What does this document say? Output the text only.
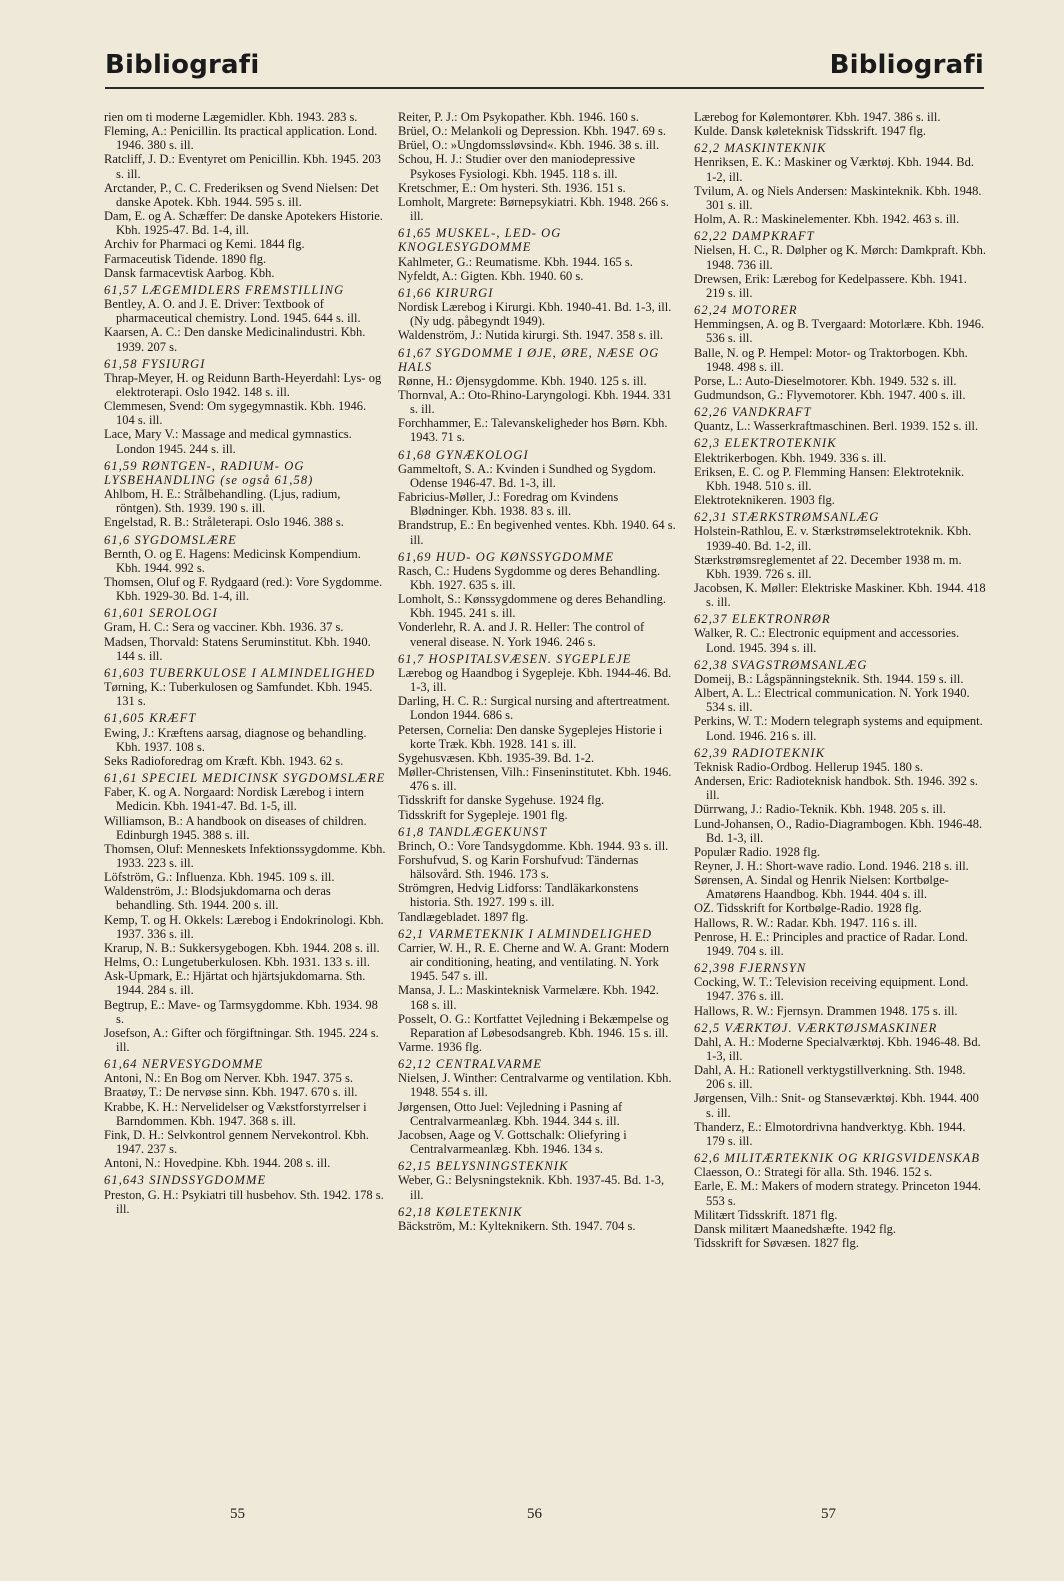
Bibliografi	Bibliografi

rien om ti moderne Lægemidler. Kbh. 1943. 283 s.

Fleming, A.: Penicillin. Its practical application. Lond. 1946. 380 s. ill.

Ratcliff, J. D.: Eventyret om Penicillin. Kbh. 1945. 203 s. ill.

Arctander, P., C. C. Frederiksen og Svend Nielsen: Det danske Apotek. Kbh. 1944. 595 s. ill.

Dam, E. og A. Schæffer: De danske Apotekers Historie. Kbh. 1925-47. Bd. 1-4, ill.

Archiv for Pharmaci og Kemi. 1844 flg.

Farmaceutisk Tidende. 1890 flg.

Dansk farmacevtisk Aarbog. Kbh.

61,57 LÆGEMIDLERS FREMSTILLING

Bentley, A. O. and J. E. Driver: Textbook of pharmaceutical chemistry. Lond. 1945. 644 s. ill.

Kaarsen, A. C.: Den danske Medicinalindustri. Kbh. 1939. 207 s.

61,58 FYSIURGI

Thrap-Meyer, H. og Reidunn Barth-Heyerdahl: Lys- og elektroterapi. Oslo 1942. 148 s. ill.

Clemmesen, Svend: Om sygegymnastik. Kbh. 1946. 104 s. ill.

Lace, Mary V.: Massage and medical gymnastics. London 1945. 244 s. ill.

61,59 RØNTGEN-, RADIUM- OG LYSBEHANDLING (se også 61,58)

Ahlbom, H. E.: Strålbehandling. (Ljus, radium, röntgen). Sth. 1939. 190 s. ill.

Engelstad, R. B.: Stråleterapi. Oslo 1946. 388 s.

61,6 SYGDOMSLÆRE

Bernth, O. og E. Hagens: Medicinsk Kompendium. Kbh. 1944. 992 s.

Thomsen, Oluf og F. Rydgaard (red.): Vore Sygdomme. Kbh. 1929-30. Bd. 1-4, ill.

61,601 SEROLOGI

Gram, H. C.: Sera og vacciner. Kbh. 1936. 37 s.

Madsen, Thorvald: Statens Seruminstitut. Kbh. 1940. 144 s. ill.

61,603 TUBERKULOSE I ALMINDELIGHED

Tørning, K.: Tuberkulosen og Samfundet. Kbh. 1945. 131 s.

61,605 KRÆFT

Ewing, J.: Kræftens aarsag, diagnose og behandling. Kbh. 1937. 108 s.

Seks Radioforedrag om Kræft. Kbh. 1943. 62 s.

61,61 SPECIEL MEDICINSK SYGDOMSLÆRE

Faber, K. og A. Norgaard: Nordisk Lærebog i intern Medicin. Kbh. 1941-47. Bd. 1-5, ill.

Williamson, B.: A handbook on diseases of children. Edinburgh 1945. 388 s. ill.

Thomsen, Oluf: Menneskets Infektionssygdomme. Kbh. 1933. 223 s. ill.

Löfström, G.: Influenza. Kbh. 1945. 109 s. ill.

Waldenström, J.: Blodsjukdomarna och deras behandling. Sth. 1944. 200 s. ill.

Kemp, T. og H. Okkels: Lærebog i Endokrinologi. Kbh. 1937. 336 s. ill.

Krarup, N. B.: Sukkersygebogen. Kbh. 1944. 208 s. ill.

Helms, O.: Lungetuberkulosen. Kbh. 1931. 133 s. ill.

Ask-Upmark, E.: Hjärtat och hjärtsjukdomarna. Sth. 1944. 284 s. ill.

Begtrup, E.: Mave- og Tarmsygdomme. Kbh. 1934. 98 s.

Josefson, A.: Gifter och förgiftningar. Sth. 1945. 224 s. ill.

61,64 NERVESYGDOMME

Antoni, N.: En Bog om Nerver. Kbh. 1947. 375 s.

Braatøy, T.: De nervøse sinn. Kbh. 1947. 670 s. ill.

Krabbe, K. H.: Nervelidelser og Vækstforstyrrelser i Barndommen. Kbh. 1947. 368 s. ill.

Fink, D. H.: Selvkontrol gennem Nervekontrol. Kbh. 1947. 237 s.

Antoni, N.: Hovedpine. Kbh. 1944. 208 s. ill.

61,643 SINDSSYGDOMME

Preston, G. H.: Psykiatri till husbehov. Sth. 1942. 178 s. ill.

Reiter, P. J.: Om Psykopather. Kbh. 1946. 160 s.

Brüel, O.: Melankoli og Depression. Kbh. 1947. 69 s.

Brüel, O.: »Ungdomssløvsind«. Kbh. 1946. 38 s. ill.

Schou, H. J.: Studier over den maniodepressive Psykoses Fysiologi. Kbh. 1945. 118 s. ill.

Kretschmer, E.: Om hysteri. Sth. 1936. 151 s.

Lomholt, Margrete: Børnepsykiatri. Kbh. 1948. 266 s. ill.

61,65 MUSKEL-, LED- OG KNOGLESYGDOMME

Kahlmeter, G.: Reumatisme. Kbh. 1944. 165 s.

Nyfeldt, A.: Gigten. Kbh. 1940. 60 s.

61,66 KIRURGI

Nordisk Lærebog i Kirurgi. Kbh. 1940-41. Bd. 1-3, ill. (Ny udg. påbegyndt 1949).

Waldenström, J.: Nutida kirurgi. Sth. 1947. 358 s. ill.

61,67 SYGDOMME I ØJE, ØRE, NÆSE OG HALS

Rønne, H.: Øjensygdomme. Kbh. 1940. 125 s. ill.

Thornval, A.: Oto-Rhino-Laryngologi. Kbh. 1944. 331 s. ill.

Forchhammer, E.: Talevanskeligheder hos Børn. Kbh. 1943. 71 s.

61,68 GYNÆKOLOGI

Gammeltoft, S. A.: Kvinden i Sundhed og Sygdom. Odense 1946-47. Bd. 1-3, ill.

Fabricius-Møller, J.: Foredrag om Kvindens Blødninger. Kbh. 1938. 83 s. ill.

Brandstrup, E.: En begivenhed ventes. Kbh. 1940. 64 s. ill.

61,69 HUD- OG KØNSSYGDOMME

Rasch, C.: Hudens Sygdomme og deres Behandling. Kbh. 1927. 635 s. ill.

Lomholt, S.: Kønssygdommene og deres Behandling. Kbh. 1945. 241 s. ill.

Vonderlehr, R. A. and J. R. Heller: The control of veneral disease. N. York 1946. 246 s.

61,7 HOSPITALSVÆSEN. SYGEPLEJE

Lærebog og Haandbog i Sygepleje. Kbh. 1944-46. Bd. 1-3, ill.

Darling, H. C. R.: Surgical nursing and aftertreatment. London 1944. 686 s.

Petersen, Cornelia: Den danske Sygeplejes Historie i korte Træk. Kbh. 1928. 141 s. ill.

Sygehusvæsen. Kbh. 1935-39. Bd. 1-2.

Møller-Christensen, Vilh.: Finseninstitutet. Kbh. 1946. 476 s. ill.

Tidsskrift for danske Sygehuse. 1924 flg.

Tidsskrift for Sygepleje. 1901 flg.

61,8 TANDLÆGEKUNST

Brinch, O.: Vore Tandsygdomme. Kbh. 1944. 93 s. ill.

Forshufvud, S. og Karin Forshufvud: Tändernas hälsovård. Sth. 1946. 173 s.

Strömgren, Hedvig Lidforss: Tandläkarkonstens historia. Sth. 1927. 199 s. ill.

Tandlægebladet. 1897 flg.

62,1 VARMETEKNIK I ALMINDELIGHED

Carrier, W. H., R. E. Cherne and W. A. Grant: Modern air conditioning, heating, and ventilating. N. York 1945. 547 s. ill.

Mansa, J. L.: Maskinteknisk Varmelære. Kbh. 1942. 168 s. ill.

Posselt, O. G.: Kortfattet Vejledning i Bekæmpelse og Reparation af Løbesodsangreb. Kbh. 1946. 15 s. ill.

Varme. 1936 flg.

62,12 CENTRALVARME

Nielsen, J. Winther: Centralvarme og ventilation. Kbh. 1948. 554 s. ill.

Jørgensen, Otto Juel: Vejledning i Pasning af Centralvarmeanlæg. Kbh. 1944. 344 s. ill.

Jacobsen, Aage og V. Gottschalk: Oliefyring i Centralvarmeanlæg. Kbh. 1946. 134 s.

62,15 BELYSNINGSTEKNIK

Weber, G.: Belysningsteknik. Kbh. 1937-45. Bd. 1-3, ill.

62,18 KØLETEKNIK

Bäckström, M.: Kylteknikern. Sth. 1947. 704 s.

Lærebog for Kølemontører. Kbh. 1947. 386 s. ill.

Kulde. Dansk køleteknisk Tidsskrift. 1947 flg.

62,2 MASKINTEKNIK

Henriksen, E. K.: Maskiner og Værktøj. Kbh. 1944. Bd. 1-2, ill.

Tvilum, A. og Niels Andersen: Maskinteknik. Kbh. 1948. 301 s. ill.

Holm, A. R.: Maskinelementer. Kbh. 1942. 463 s. ill.

62,22 DAMPKRAFT

Nielsen, H. C., R. Dølpher og K. Mørch: Damkpraft. Kbh. 1948. 736 ill.

Drewsen, Erik: Lærebog for Kedelpassere. Kbh. 1941. 219 s. ill.

62,24 MOTORER

Hemmingsen, A. og B. Tvergaard: Motorlære. Kbh. 1946. 536 s. ill.

Balle, N. og P. Hempel: Motor- og Traktorbogen. Kbh. 1948. 498 s. ill.

Porse, L.: Auto-Dieselmotorer. Kbh. 1949. 532 s. ill.

Gudmundson, G.: Flyvemotorer. Kbh. 1947. 400 s. ill.

62,26 VANDKRAFT

Quantz, L.: Wasserkraftmaschinen. Berl. 1939. 152 s. ill.

62,3 ELEKTROTEKNIK

Elektrikerbogen. Kbh. 1949. 336 s. ill.

Eriksen, E. C. og P. Flemming Hansen: Elektroteknik. Kbh. 1948. 510 s. ill.

Elektroteknikeren. 1903 flg.

62,31 STÆRKSTRØMSANLÆG

Holstein-Rathlou, E. v. Stærkstrømselektroteknik. Kbh. 1939-40. Bd. 1-2, ill.

Stærkstrømsreglementet af 22. December 1938 m. m. Kbh. 1939. 726 s. ill.

Jacobsen, K. Møller: Elektriske Maskiner. Kbh. 1944. 418 s. ill.

62,37 ELEKTRONRØR

Walker, R. C.: Electronic equipment and accessories. Lond. 1945. 394 s. ill.

62,38 SVAGSTRØMSANLÆG

Domeij, B.: Lågspänningsteknik. Sth. 1944. 159 s. ill.

Albert, A. L.: Electrical communication. N. York 1940. 534 s. ill.

Perkins, W. T.: Modern telegraph systems and equipment. Lond. 1946. 216 s. ill.

62,39 RADIOTEKNIK

Teknisk Radio-Ordbog. Hellerup 1945. 180 s.

Andersen, Eric: Radioteknisk handbok. Sth. 1946. 392 s. ill.

Dürrwang, J.: Radio-Teknik. Kbh. 1948. 205 s. ill.

Lund-Johansen, O., Radio-Diagrambogen. Kbh. 1946-48. Bd. 1-3, ill.

Populær Radio. 1928 flg.

Reyner, J. H.: Short-wave radio. Lond. 1946. 218 s. ill.

Sørensen, A. Sindal og Henrik Nielsen: Kortbølge-Amatørens Haandbog. Kbh. 1944. 404 s. ill.

OZ. Tidsskrift for Kortbølge-Radio. 1928 flg.

Hallows, R. W.: Radar. Kbh. 1947. 116 s. ill.

Penrose, H. E.: Principles and practice of Radar. Lond. 1949. 704 s. ill.

62,398 FJERNSYN

Cocking, W. T.: Television receiving equipment. Lond. 1947. 376 s. ill.

Hallows, R. W.: Fjernsyn. Drammen 1948. 175 s. ill.

62,5 VÆRKTØJ. VÆRKTØJSMASKINER

Dahl, A. H.: Moderne Specialværktøj. Kbh. 1946-48. Bd. 1-3, ill.

Dahl, A. H.: Rationell verktygstillverkning. Sth. 1948. 206 s. ill.

Jørgensen, Vilh.: Snit- og Stanseværktøj. Kbh. 1944. 400 s. ill.

Thanderz, E.: Elmotordrivna handverktyg. Kbh. 1944. 179 s. ill.

62,6 MILITÆRTEKNIK OG KRIGSVIDENSKAB

Claesson, O.: Strategi för alla. Sth. 1946. 152 s.

Earle, E. M.: Makers of modern strategy. Princeton 1944. 553 s.

Militært Tidsskrift. 1871 flg.

Dansk militært Maanedshæfte. 1942 flg.

Tidsskrift for Søvæsen. 1827 flg.

55	56	57
